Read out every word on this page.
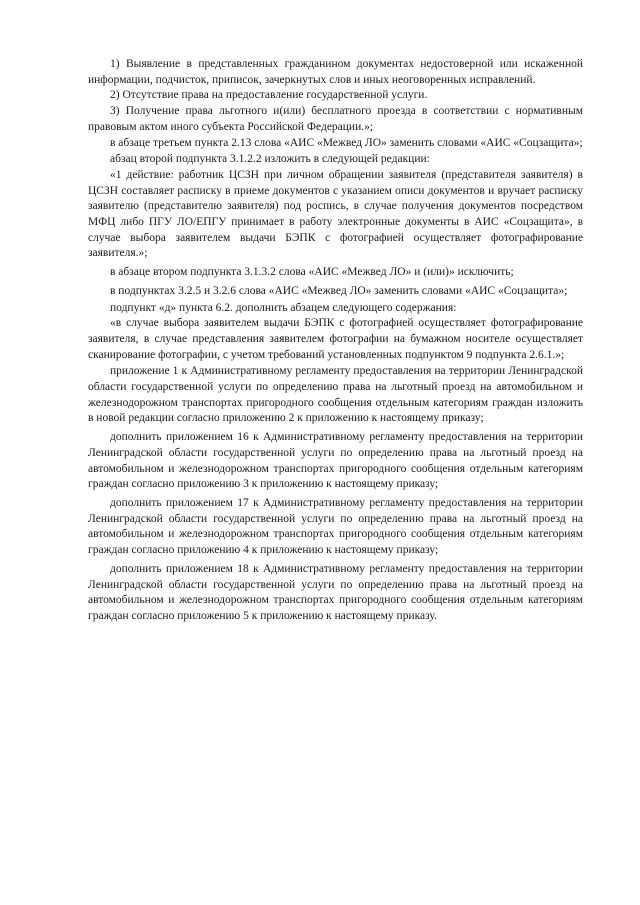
1) Выявление в представленных гражданином документах недостоверной или искаженной информации, подчисток, приписок, зачеркнутых слов и иных неоговоренных исправлений.

2) Отсутствие права на предоставление государственной услуги.

3) Получение права льготного и(или) бесплатного проезда в соответствии с нормативным правовым актом иного субъекта Российской Федерации.»;

в абзаце третьем пункта 2.13 слова «АИС «Межвед ЛО» заменить словами «АИС «Соцзащита»;

абзац второй подпункта 3.1.2.2 изложить в следующей редакции:

«1 действие: работник ЦСЗН при личном обращении заявителя (представителя заявителя) в ЦСЗН составляет расписку в приеме документов с указанием описи документов и вручает расписку заявителю (представителю заявителя) под роспись, в случае получения документов посредством МФЦ либо ПГУ ЛО/ЕПГУ принимает в работу электронные документы в АИС «Соцзащита», в случае выбора заявителем выдачи БЭПК с фотографией осуществляет фотографирование заявителя.»;

в абзаце втором подпункта 3.1.3.2 слова «АИС «Межвед ЛО» и (или)» исключить;

в подпунктах 3.2.5 и 3.2.6 слова «АИС «Межвед ЛО» заменить словами «АИС «Соцзащита»;

подпункт «д» пункта 6.2. дополнить абзацем следующего содержания:

«в случае выбора заявителем выдачи БЭПК с фотографией осуществляет фотографирование заявителя, в случае представления заявителем фотографии на бумажном носителе осуществляет сканирование фотографии, с учетом требований установленных подпунктом 9 подпункта 2.6.1.»;

приложение 1 к Административному регламенту предоставления на территории Ленинградской области государственной услуги по определению права на льготный проезд на автомобильном и железнодорожном транспортах пригородного сообщения отдельным категориям граждан изложить в новой редакции согласно приложению 2 к приложению к настоящему приказу;

дополнить приложением 16 к Административному регламенту предоставления на территории Ленинградской области государственной услуги по определению права на льготный проезд на автомобильном и железнодорожном транспортах пригородного сообщения отдельным категориям граждан согласно приложению 3 к приложению к настоящему приказу;

дополнить приложением 17 к Административному регламенту предоставления на территории Ленинградской области государственной услуги по определению права на льготный проезд на автомобильном и железнодорожном транспортах пригородного сообщения отдельным категориям граждан согласно приложению 4 к приложению к настоящему приказу;

дополнить приложением 18 к Административному регламенту предоставления на территории Ленинградской области государственной услуги по определению права на льготный проезд на автомобильном и железнодорожном транспортах пригородного сообщения отдельным категориям граждан согласно приложению 5 к приложению к настоящему приказу.
